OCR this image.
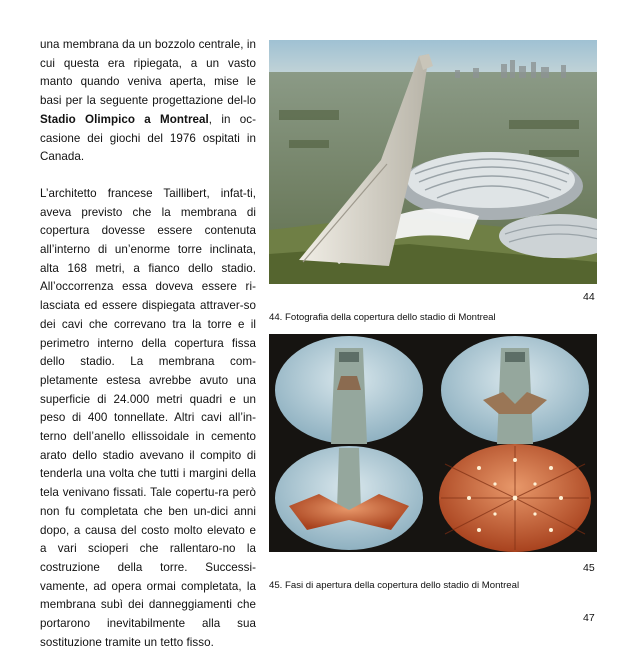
una membrana da un bozzolo centrale, in cui questa era ripiegata, a un vasto manto quando veniva aperta, mise le basi per la seguente progettazione del-lo Stadio Olimpico a Montreal, in oc-casione dei giochi del 1976 ospitati in Canada.

L’architetto francese Taillibert, infat-ti, aveva previsto che la membrana di copertura dovesse essere contenuta all’interno di un’enorme torre inclinata, alta 168 metri, a fianco dello stadio. All’occorrenza essa doveva essere ri-lasciata ed essere dispiegata attraver-so dei cavi che correvano tra la torre e il perimetro interno della copertura fissa dello stadio. La membrana com-pletamente estesa avrebbe avuto una superficie di 24.000 metri quadri e un peso di 400 tonnellate. Altri cavi all’in-terno dell’anello ellissoidale in cemento arato dello stadio avevano il compito di tenderla una volta che tutti i margini della tela venivano fissati. Tale copertu-ra però non fu completata che ben un-dici anni dopo, a causa del costo molto elevato e a vari scioperi che rallentaro-no la costruzione della torre. Successi-vamente, ad opera ormai completata, la membrana subì dei danneggiamenti che portarono inevitabilmente alla sua sostituzione tramite un tetto fisso.

44
44. Fotografia della copertura dello stadio di Montreal
45
45. Fasi di apertura della copertura dello stadio di Montreal
47
